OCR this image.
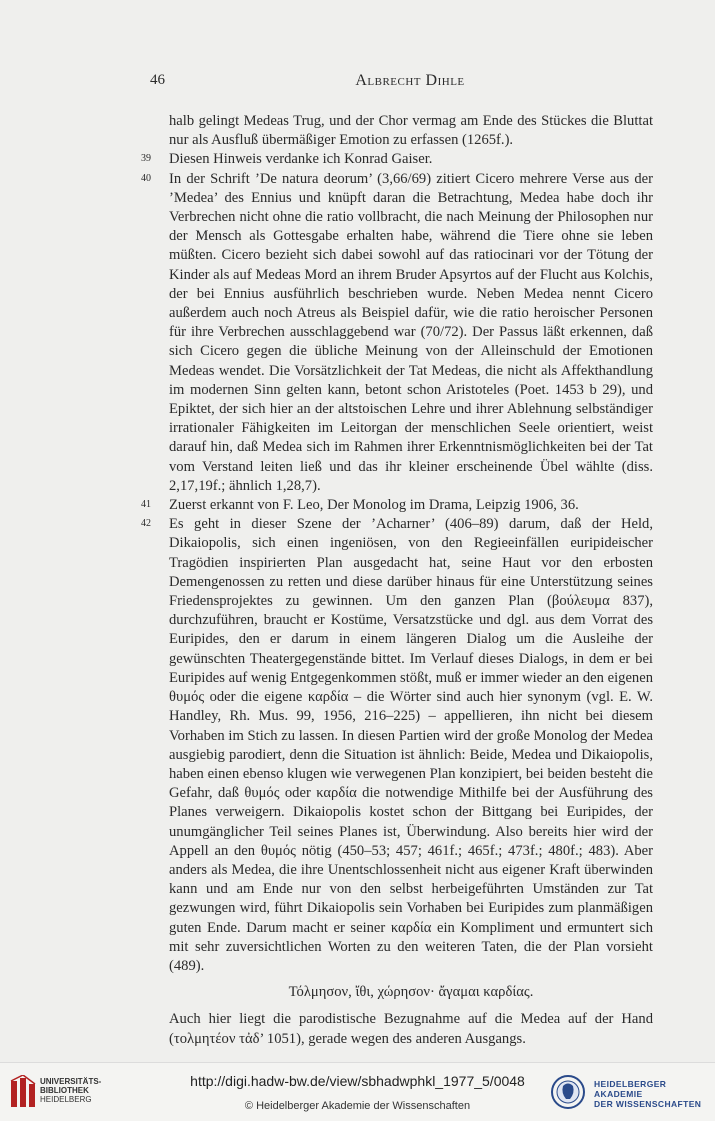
46	Albrecht Dihle

halb gelingt Medeas Trug, und der Chor vermag am Ende des Stückes die Bluttat nur als Ausfluß übermäßiger Emotion zu erfassen (1265f.).

39 Diesen Hinweis verdanke ich Konrad Gaiser.

40 In der Schrift ’De natura deorum’ (3,66/69) zitiert Cicero mehrere Verse aus der ’Medea’ des Ennius und knüpft daran die Betrachtung, Medea habe doch ihr Verbrechen nicht ohne die ratio vollbracht, die nach Meinung der Philosophen nur der Mensch als Gottesgabe erhalten habe, während die Tiere ohne sie leben müßten. Cicero bezieht sich dabei sowohl auf das ratiocinari vor der Tötung der Kinder als auf Medeas Mord an ihrem Bruder Apsyrtos auf der Flucht aus Kolchis, der bei Ennius ausführlich beschrieben wurde. Neben Medea nennt Cicero außerdem auch noch Atreus als Beispiel dafür, wie die ratio heroischer Personen für ihre Verbrechen ausschlaggebend war (70/72). Der Passus läßt erkennen, daß sich Cicero gegen die übliche Meinung von der Alleinschuld der Emotionen Medeas wendet. Die Vorsätzlichkeit der Tat Medeas, die nicht als Affekthandlung im modernen Sinn gelten kann, betont schon Aristoteles (Poet. 1453 b 29), und Epiktet, der sich hier an der altstoischen Lehre und ihrer Ablehnung selbständiger irrationaler Fähigkeiten im Leitorgan der menschlichen Seele orientiert, weist darauf hin, daß Medea sich im Rahmen ihrer Erkenntnismöglichkeiten bei der Tat vom Verstand leiten ließ und das ihr kleiner erscheinende Übel wählte (diss. 2,17,19f.; ähnlich 1,28,7).

41 Zuerst erkannt von F. Leo, Der Monolog im Drama, Leipzig 1906, 36.

42 Es geht in dieser Szene der ’Acharner’ (406–89) darum, daß der Held, Dikaiopolis, sich einen ingeniösen, von den Regieeinfällen euripideischer Tragödien inspirierten Plan ausgedacht hat, seine Haut vor den erbosten Demengenossen zu retten und diese darüber hinaus für eine Unterstützung seines Friedensprojektes zu gewinnen. Um den ganzen Plan (βούλευμα 837), durchzuführen, braucht er Kostüme, Versatzstücke und dgl. aus dem Vorrat des Euripides, den er darum in einem längeren Dialog um die Ausleihe der gewünschten Theatergegenstände bittet. Im Verlauf dieses Dialogs, in dem er bei Euripides auf wenig Entgegenkommen stößt, muß er immer wieder an den eigenen θυμός oder die eigene καρδία – die Wörter sind auch hier synonym (vgl. E. W. Handley, Rh. Mus. 99, 1956, 216–225) – appellieren, ihn nicht bei diesem Vorhaben im Stich zu lassen. In diesen Partien wird der große Monolog der Medea ausgiebig parodiert, denn die Situation ist ähnlich: Beide, Medea und Dikaiopolis, haben einen ebenso klugen wie verwegenen Plan konzipiert, bei beiden besteht die Gefahr, daß θυμός oder καρδία die notwendige Mithilfe bei der Ausführung des Planes verweigern. Dikaiopolis kostet schon der Bittgang bei Euripides, der unumgänglicher Teil seines Planes ist, Überwindung. Also bereits hier wird der Appell an den θυμός nötig (450–53; 457; 461f.; 465f.; 473f.; 480f.; 483). Aber anders als Medea, die ihre Unentschlossenheit nicht aus eigener Kraft überwinden kann und am Ende nur von den selbst herbeigeführten Umständen zur Tat gezwungen wird, führt Dikaiopolis sein Vorhaben bei Euripides zum planmäßigen guten Ende. Darum macht er seiner καρδία ein Kompliment und ermuntert sich mit sehr zuversichtlichen Worten zu den weiteren Taten, die der Plan vorsieht (489).

Τόλμησον, ἴθι, χώρησον· ἄγαμαι καρδίας.

Auch hier liegt die parodistische Bezugnahme auf die Medea auf der Hand (τολμητέον τἀδ’ 1051), gerade wegen des anderen Ausgangs.

UNIVERSITÄTS-
BIBLIOTHEK
HEIDELBERG
http://digi.hadw-bw.de/view/sbhadwphkl_1977_5/0048
© Heidelberger Akademie der Wissenschaften
HEIDELBERGER AKADEMIE
DER WISSENSCHAFTEN
